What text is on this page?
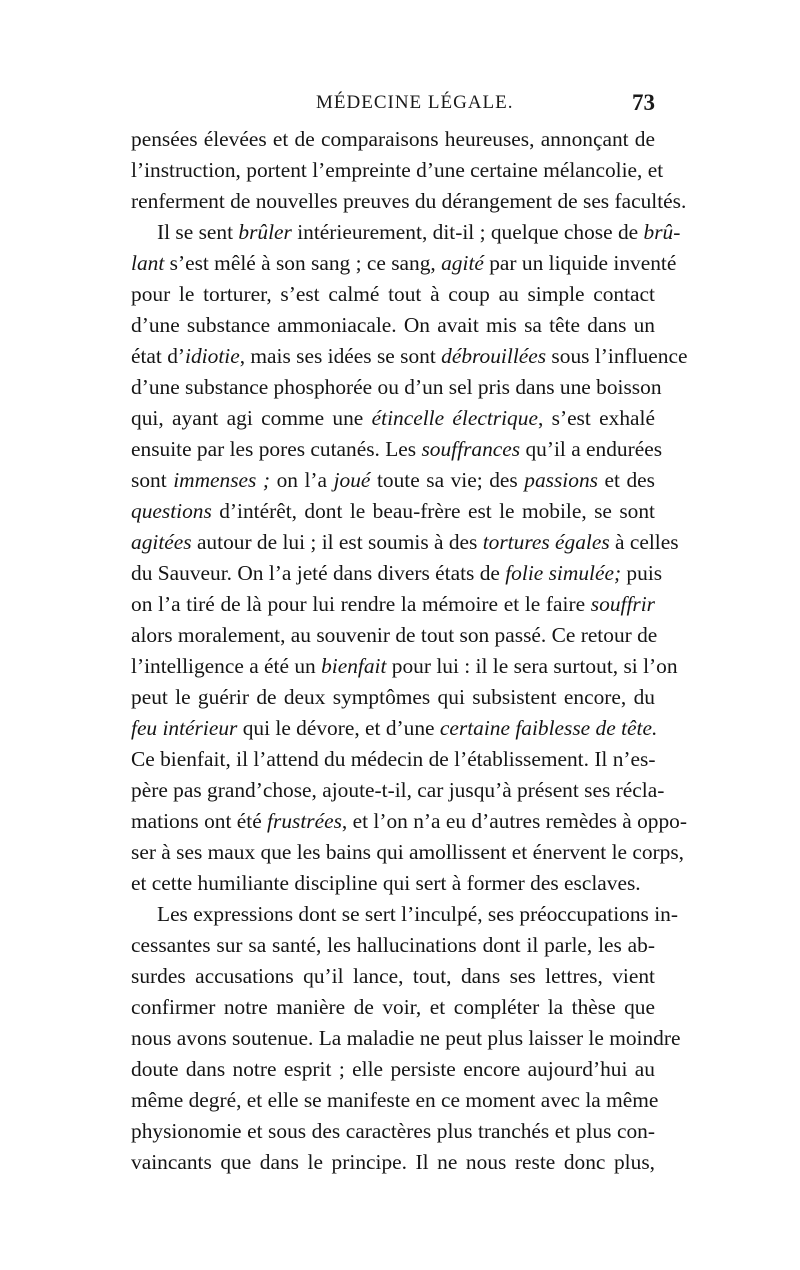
MÉDECINE LÉGALE.	73
pensées élevées et de comparaisons heureuses, annonçant de
l’instruction, portent l’empreinte d’une certaine mélancolie, et
renferment de nouvelles preuves du dérangement de ses facultés.
Il se sent brûler intérieurement, dit-il ; quelque chose de brû-
lant s’est mêlé à son sang ; ce sang, agité par un liquide inventé
pour le torturer, s’est calmé tout à coup au simple contact
d’une substance ammoniacale. On avait mis sa tête dans un
état d’idiotie, mais ses idées se sont débrouillées sous l’influence
d’une substance phosphorée ou d’un sel pris dans une boisson
qui, ayant agi comme une étincelle électrique, s’est exhalé
ensuite par les pores cutanés. Les souffrances qu’il a endurées
sont immenses ; on l’a joué toute sa vie; des passions et des
questions d’intérêt, dont le beau-frère est le mobile, se sont
agitées autour de lui ; il est soumis à des tortures égales à celles
du Sauveur. On l’a jeté dans divers états de folie simulée; puis
on l’a tiré de là pour lui rendre la mémoire et le faire souffrir
alors moralement, au souvenir de tout son passé. Ce retour de
l’intelligence a été un bienfait pour lui : il le sera surtout, si l’on
peut le guérir de deux symptômes qui subsistent encore, du
feu intérieur qui le dévore, et d’une certaine faiblesse de tête.
Ce bienfait, il l’attend du médecin de l’établissement. Il n’es-
père pas grand’chose, ajoute-t-il, car jusqu’à présent ses récla-
mations ont été frustrées, et l’on n’a eu d’autres remèdes à oppo-
ser à ses maux que les bains qui amollissent et énervent le corps,
et cette humiliante discipline qui sert à former des esclaves.
Les expressions dont se sert l’inculpé, ses préoccupations in-
cessantes sur sa santé, les hallucinations dont il parle, les ab-
surdes accusations qu’il lance, tout, dans ses lettres, vient
confirmer notre manière de voir, et compléter la thèse que
nous avons soutenue. La maladie ne peut plus laisser le moindre
doute dans notre esprit ; elle persiste encore aujourd’hui au
même degré, et elle se manifeste en ce moment avec la même
physionomie et sous des caractères plus tranchés et plus con-
vaincants que dans le principe. Il ne nous reste donc plus,
